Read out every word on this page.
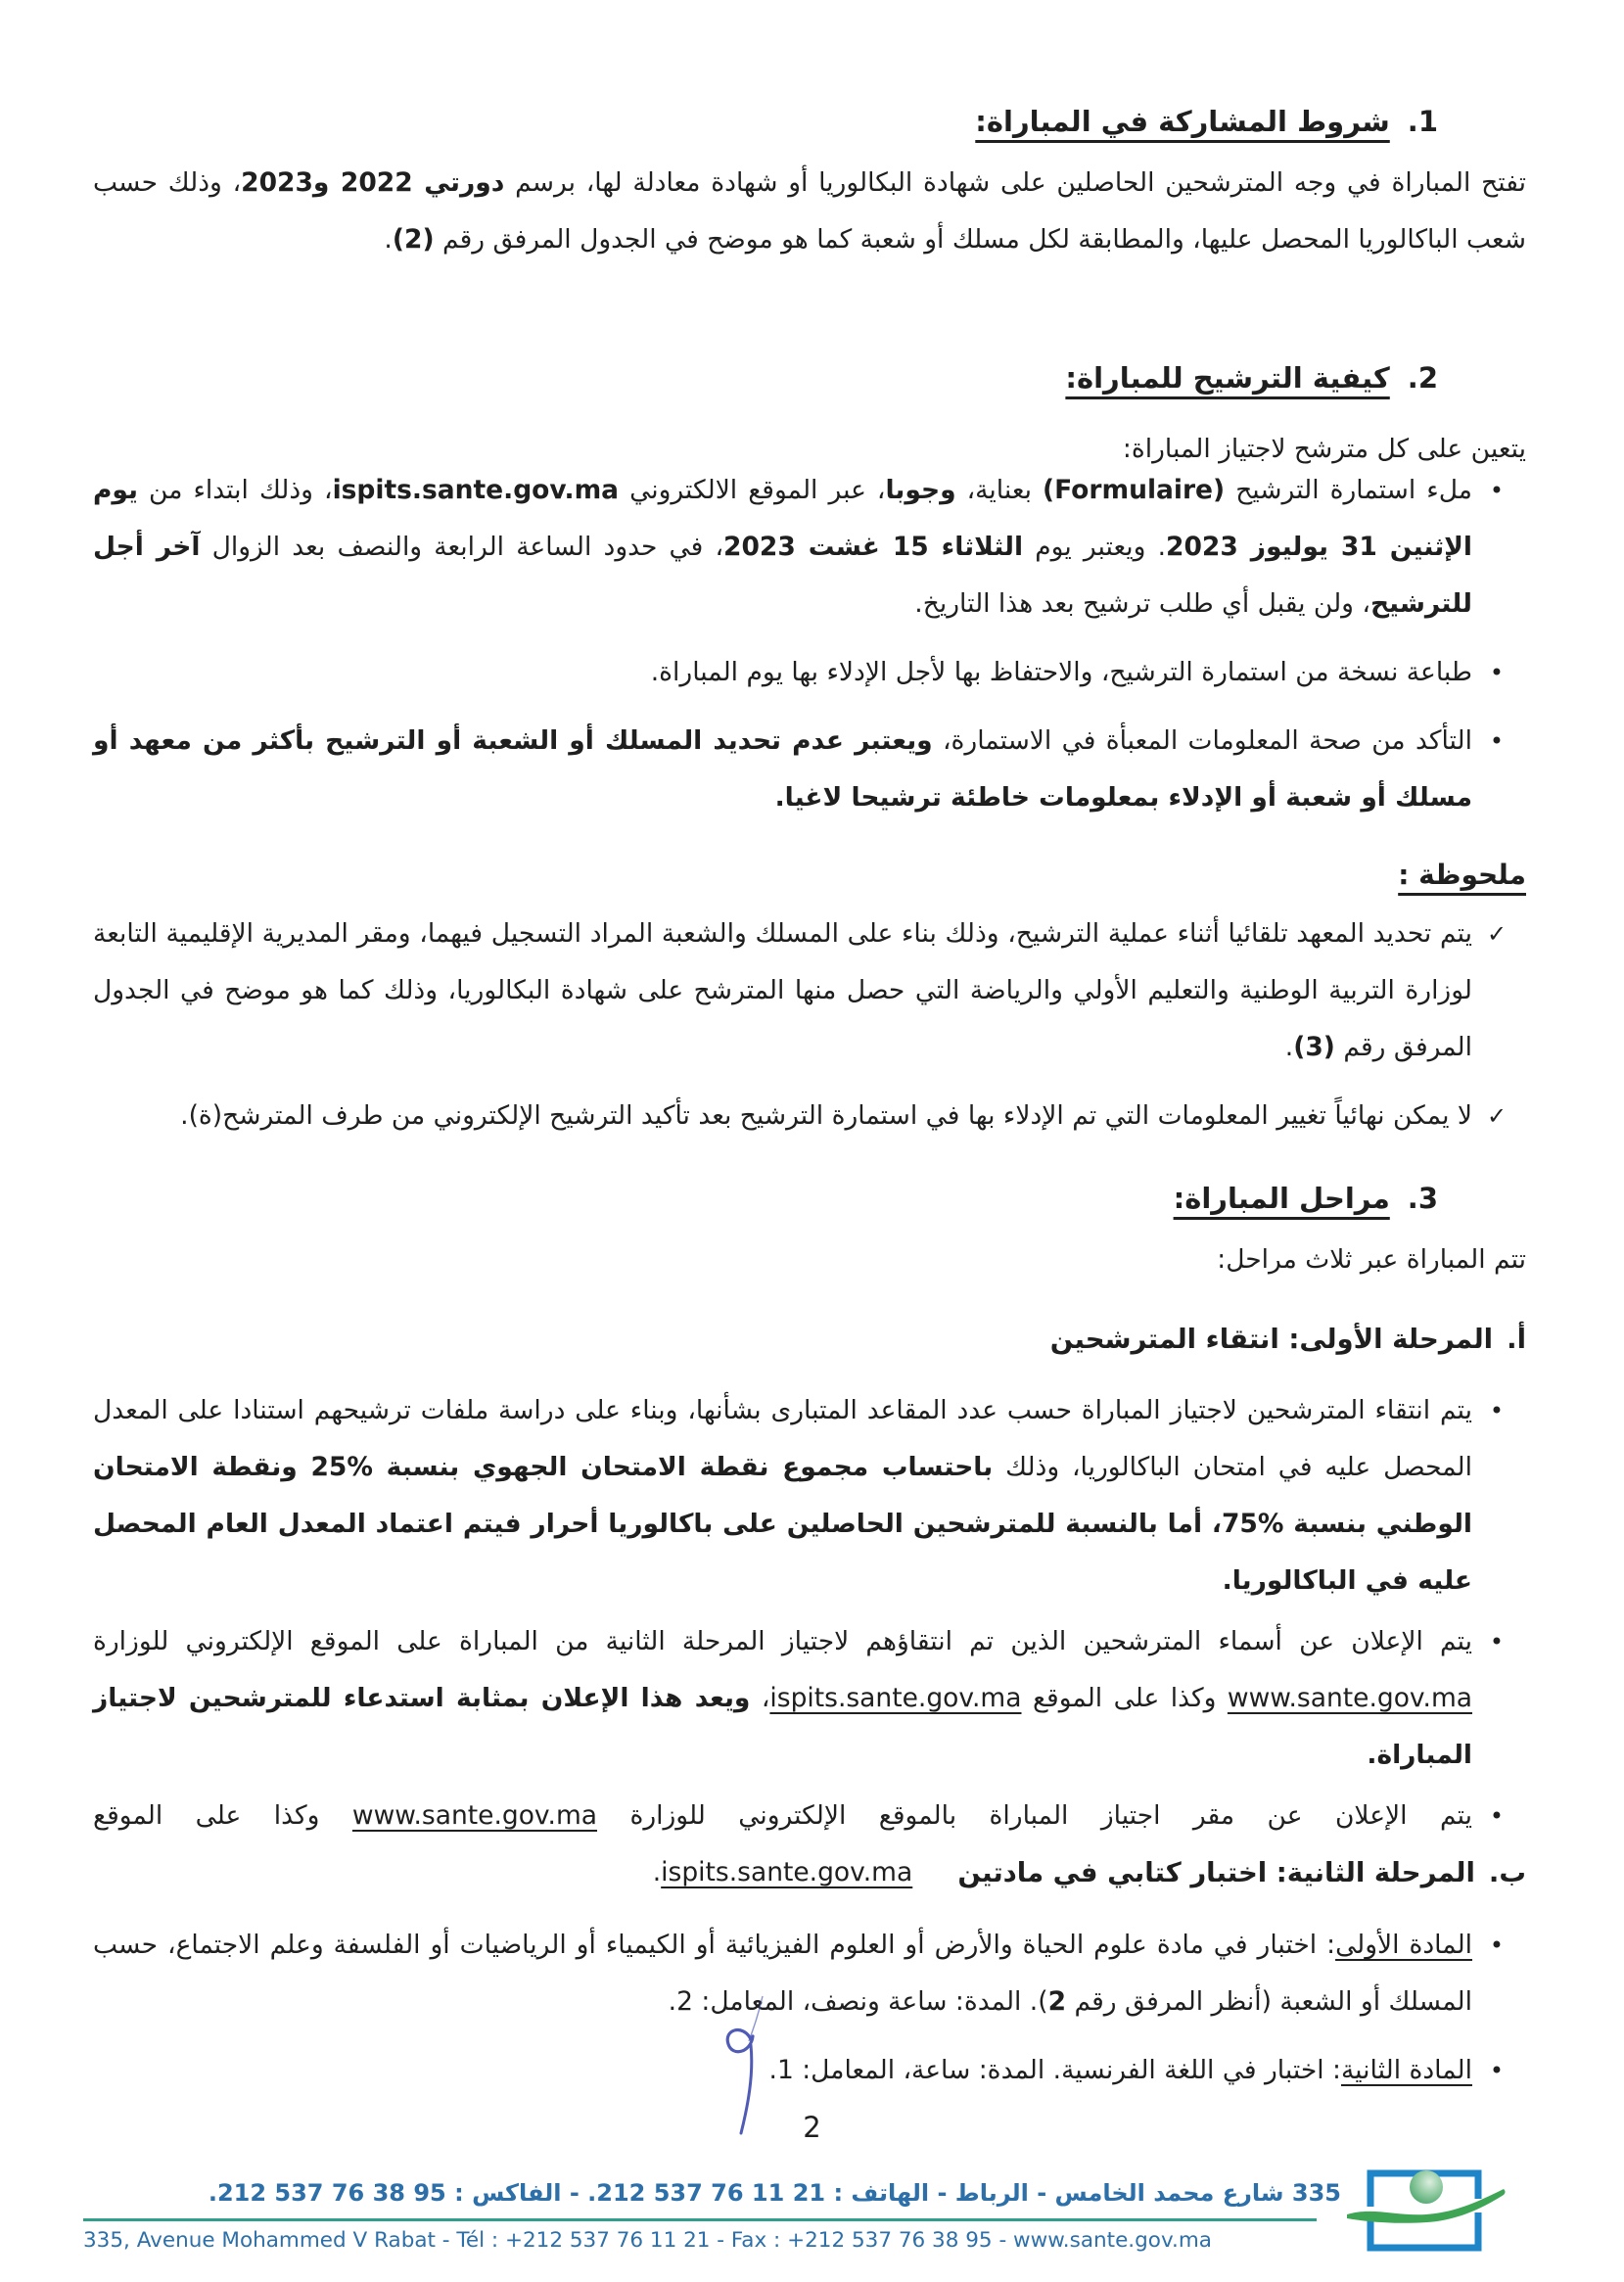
1.
شروط المشاركة في المباراة:
تفتح المباراة في وجه المترشحين الحاصلين على شهادة البكالوريا أو شهادة معادلة لها، برسم دورتي 2022 و2023، وذلك حسب شعب الباكالوريا المحصل عليها، والمطابقة لكل مسلك أو شعبة كما هو موضح في الجدول المرفق رقم (2).
2.
كيفية الترشيح للمباراة:
يتعين على كل مترشح لاجتياز المباراة:
•
ملء استمارة الترشيح (Formulaire) بعناية، وجوبا، عبر الموقع الالكتروني ispits.sante.gov.ma، وذلك ابتداء من يوم الإثنين 31 يوليوز 2023. ويعتبر يوم الثلاثاء 15 غشت 2023، في حدود الساعة الرابعة والنصف بعد الزوال آخر أجل للترشيح، ولن يقبل أي طلب ترشيح بعد هذا التاريخ.
•
طباعة نسخة من استمارة الترشيح، والاحتفاظ بها لأجل الإدلاء بها يوم المباراة.
•
التأكد من صحة المعلومات المعبأة في الاستمارة، ويعتبر عدم تحديد المسلك أو الشعبة أو الترشيح بأكثر من معهد أو مسلك أو شعبة أو الإدلاء بمعلومات خاطئة ترشيحا لاغيا.
ملحوظة :
✓
يتم تحديد المعهد تلقائيا أثناء عملية الترشيح، وذلك بناء على المسلك والشعبة المراد التسجيل فيهما، ومقر المديرية الإقليمية التابعة لوزارة التربية الوطنية والتعليم الأولي والرياضة التي حصل منها المترشح على شهادة البكالوريا، وذلك كما هو موضح في الجدول المرفق رقم (3).
✓
لا يمكن نهائياً تغيير المعلومات التي تم الإدلاء بها في استمارة الترشيح بعد تأكيد الترشيح الإلكتروني من طرف المترشح(ة).
3.
مراحل المباراة:
تتم المباراة عبر ثلاث مراحل:
أ.
المرحلة الأولى: انتقاء المترشحين
•
يتم انتقاء المترشحين لاجتياز المباراة حسب عدد المقاعد المتبارى بشأنها، وبناء على دراسة ملفات ترشيحهم استنادا على المعدل المحصل عليه في امتحان الباكالوريا، وذلك باحتساب مجموع نقطة الامتحان الجهوي بنسبة %25 ونقطة الامتحان الوطني بنسبة %75، أما بالنسبة للمترشحين الحاصلين على باكالوريا أحرار فيتم اعتماد المعدل العام المحصل عليه في الباكالوريا.
•
يتم الإعلان عن أسماء المترشحين الذين تم انتقاؤهم لاجتياز المرحلة الثانية من المباراة على الموقع الإلكتروني للوزارة www.sante.gov.ma وكذا على الموقع ispits.sante.gov.ma، ويعد هذا الإعلان بمثابة استدعاء للمترشحين لاجتياز المباراة.
•
يتم الإعلان عن مقر اجتياز المباراة بالموقع الإلكتروني للوزارة www.sante.gov.ma وكذا على الموقع
ispits.sante.gov.ma.	ب.
المرحلة الثانية: اختبار كتابي في مادتين
•
المادة الأولى: اختبار في مادة علوم الحياة والأرض أو العلوم الفيزيائية أو الكيمياء أو الرياضيات أو الفلسفة وعلم الاجتماع، حسب المسلك أو الشعبة (أنظر المرفق رقم 2). المدة: ساعة ونصف، المعامل: 2.
•
المادة الثانية: اختبار في اللغة الفرنسية. المدة: ساعة، المعامل: 1.
2
335 شارع محمد الخامس - الرباط - الهاتف : .212 537 76 11 21 - الفاكس : .212 537 76 38 95
335, Avenue Mohammed V Rabat - Tél : +212 537 76 11 21 - Fax : +212 537 76 38 95 - www.sante.gov.ma
